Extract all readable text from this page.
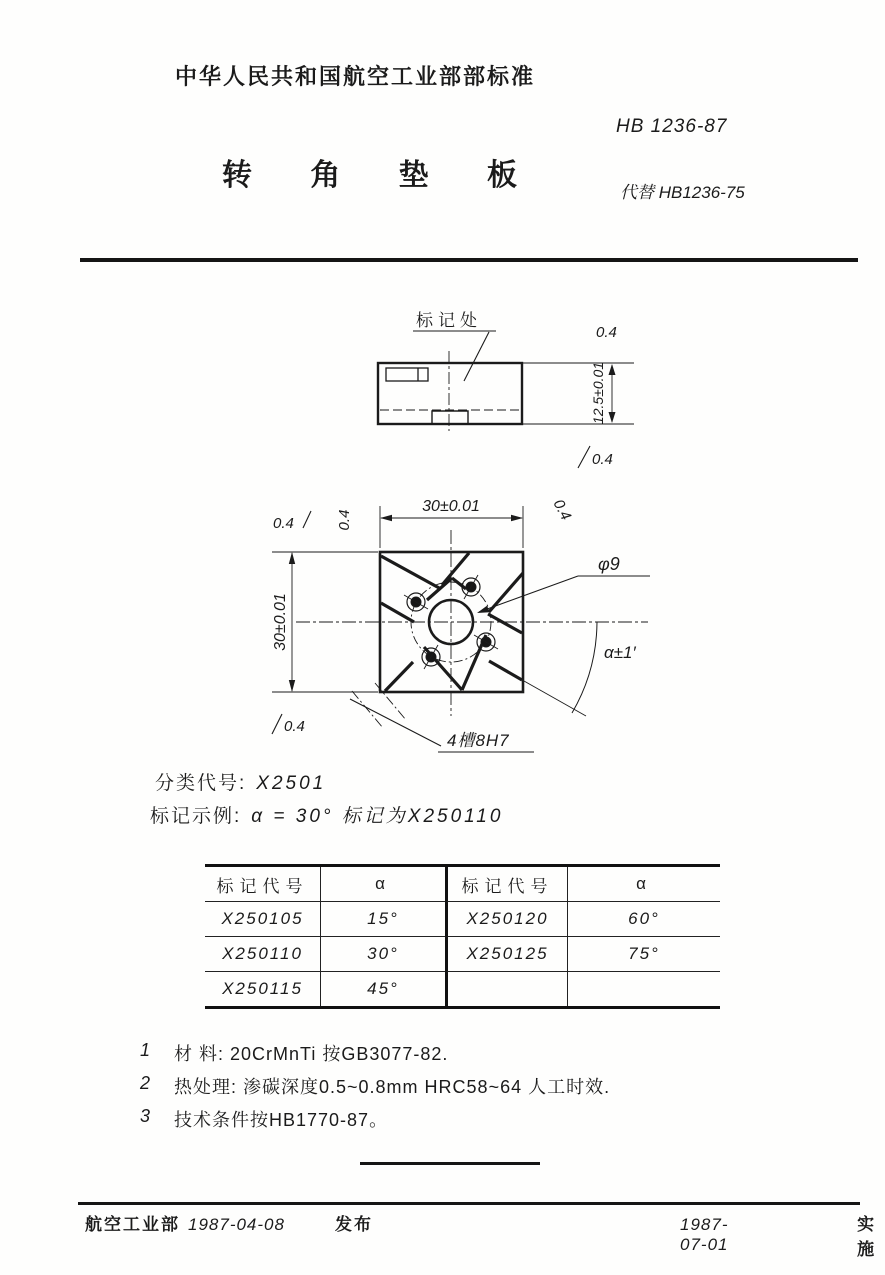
中华人民共和国航空工业部部标准
HB 1236-87
转 角 垫 板
代替 HB1236-75
标记处
12.5±0.01
0.4
0.4
30±0.01
30±0.01
0.4	0.4	0.4
0.4
φ9
α±1′
4槽8H7
分类代号: X2501
标记示例: α = 30° 标记为X250110
标记代号	α	标记代号	α
X250105	15°	X250120	60°
X250110	30°	X250125	75°
X250115	45°
1	材 料: 20CrMnTi 按GB3077-82.
2	热处理: 渗碳深度0.5~0.8mm HRC58~64 人工时效.
3	技术条件按HB1770-87。
航空工业部 1987-04-08	发布	1987-07-01
实施
